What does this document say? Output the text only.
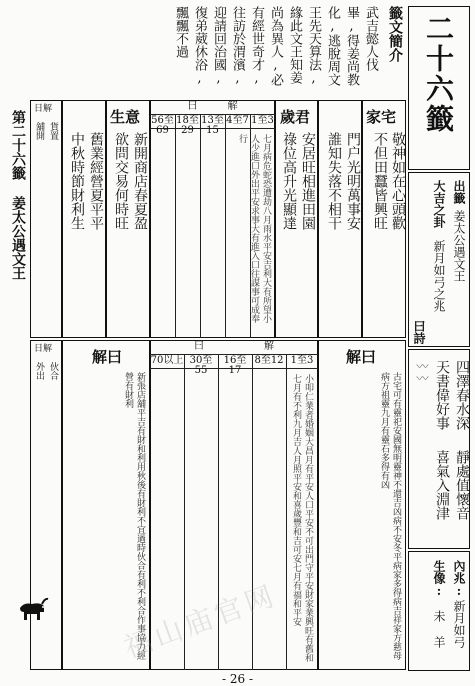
二十六籤
出籤
姜太公遇文王
大吉之卦
新月如弓之兆
曰詩
四澤春水深
天書偉好事
靜處值懷音
喜氣入淵津
〰〰
內兆:
新月如弓
生像:
未 羊
籤文簡介
武吉懿人伐畢,得姜尚教化,逃脫周文王先天算法,緣此文王知姜尚為異人,必有經世奇才,往訪於渭濱,迎請回治國,復弟葳休浴,飄飄不過
家宅
敬神如在心頭歡
不但田蠶皆興旺
門户光明萬事安
誰知失落不相干
歲君
安居旺相進田園
祿位高升光顯達
1至3
4至7
13至15
18至29
56至69
曰　　　解
七月病危蛇恐遭劫八月雨水平安吉利大有所望小人少進口外出平安求事大有進入口往謀事可成奉行
生意
新開商店春夏盈
欲問交易何時旺
舊業經營夏平平
中秋時節財利生
日解
貨置
舖開
解曰
古宅可有靈祀安國無明靈神不還吉凶病不安冬平病家多得病吉祥家方慈母病方祖靈九月有靈石多得有凶
1至3
8至12
16至17
30至55
70以上
曰　　　　　　解
小叩仁業者婚姻大昌月有平安人口平安不可出門守平安財家業興旺有舊和七月有不利九月吉人月照平安和喜歲豐和吉可安七月有福和平安
解曰
新張店舖平吉有財和利用秋後有財利不宜過時伙合有利不利合作事協力經營有財利
日解
伙合
外出
第二十六籤 姜太公遇文王
福山庙官网
- 26 -
